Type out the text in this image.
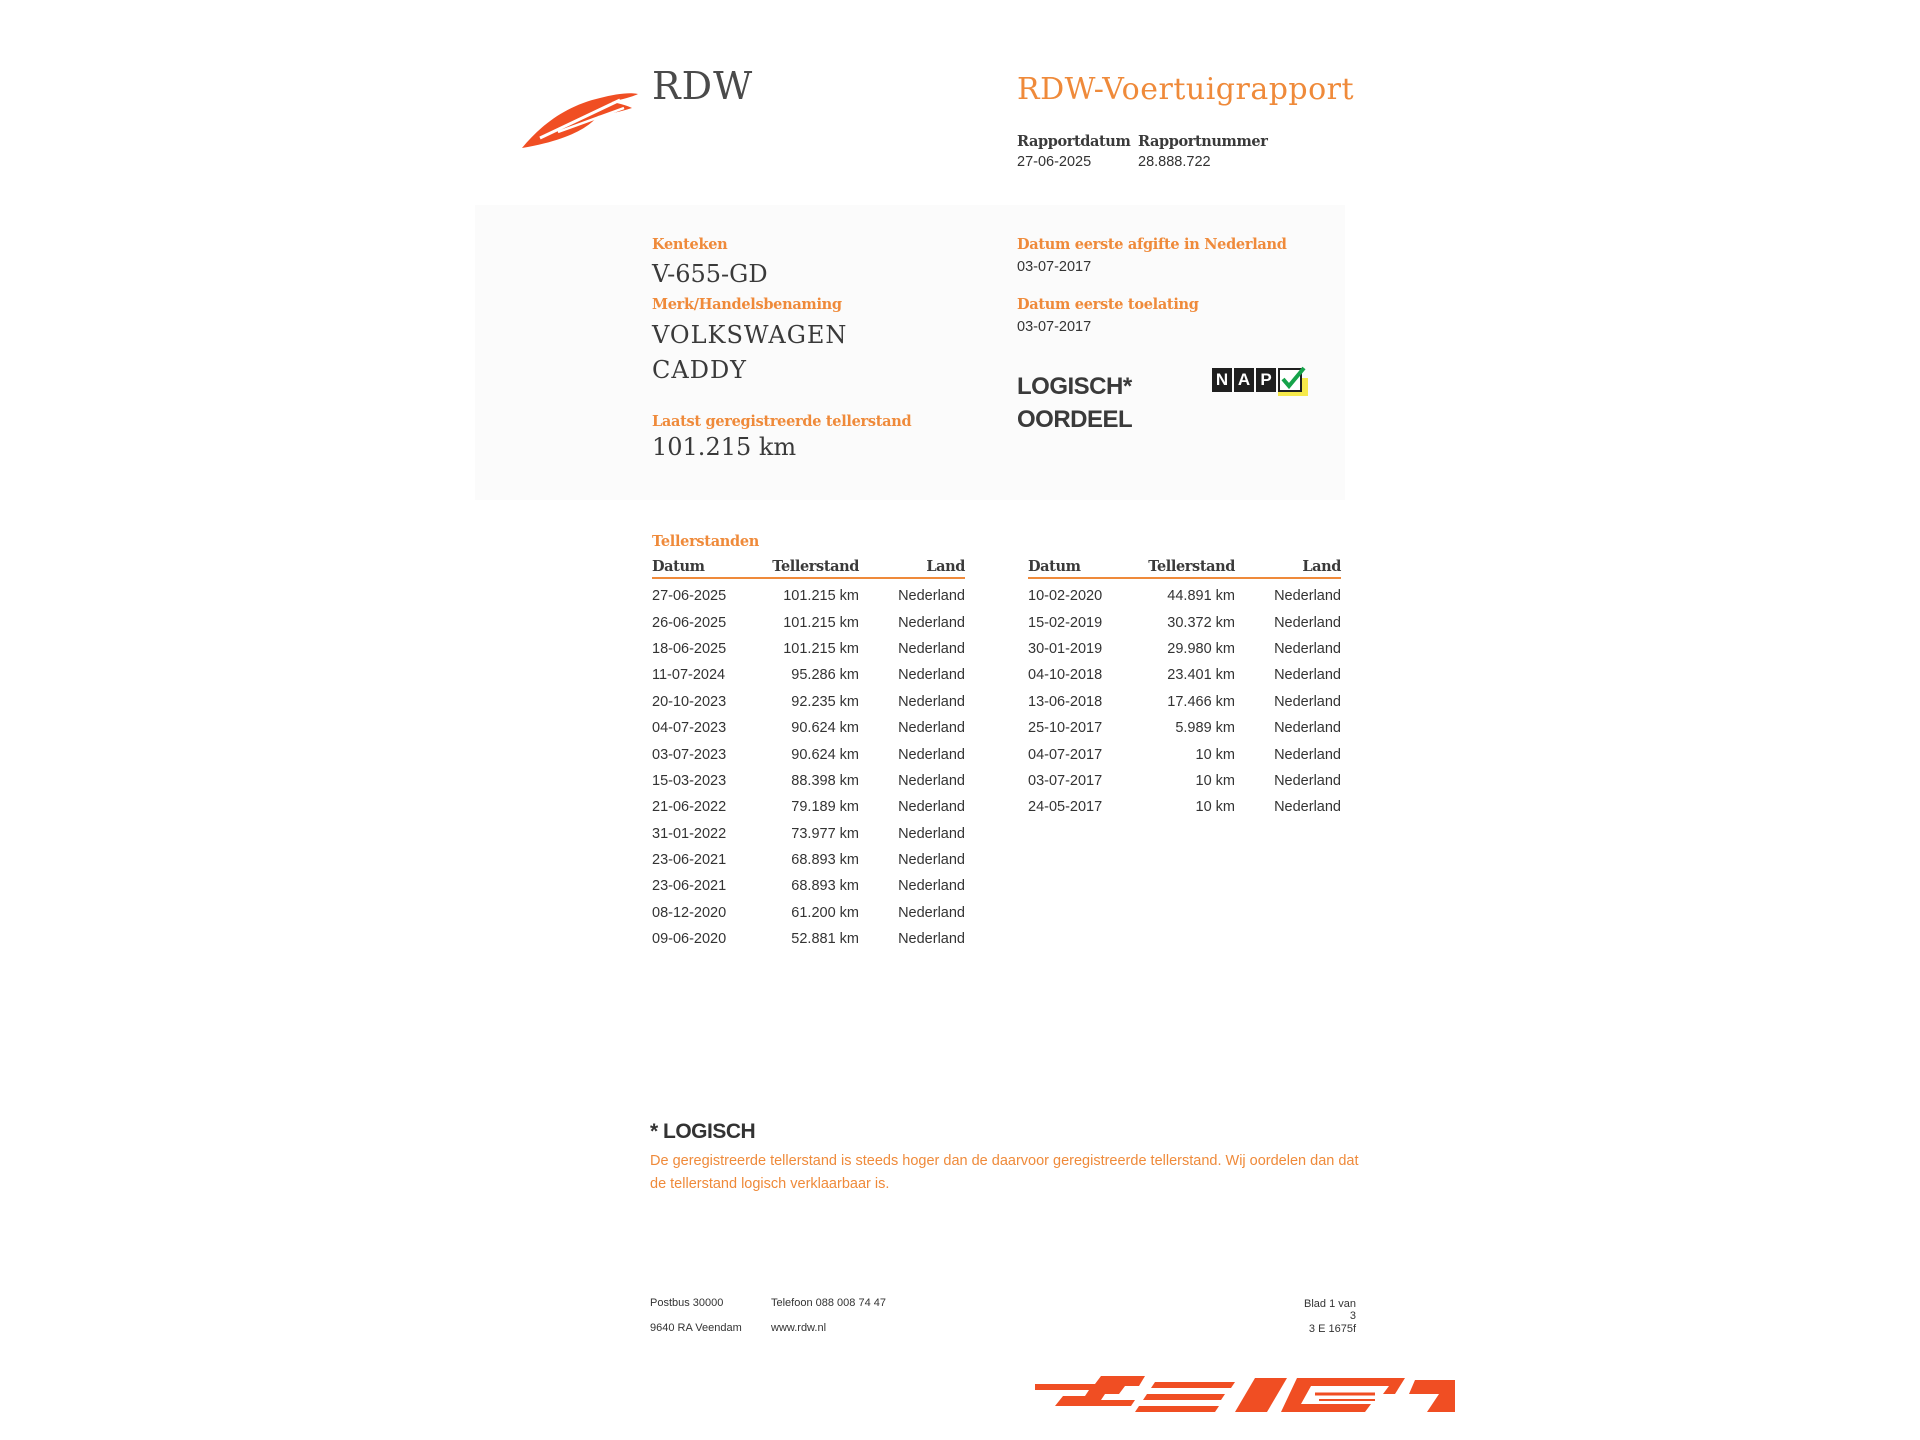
RDW	RDW-Voertuigrapport
Rapportdatum Rapportnummer
27-06-2025	28.888.722
Kenteken
V-655-GD
Merk/Handelsbenaming
VOLKSWAGEN
CADDY
Laatst geregistreerde tellerstand
101.215 km
Datum eerste afgifte in Nederland
03-07-2017
Datum eerste toelating
03-07-2017
LOGISCH*
OORDEEL
N A P
Tellerstanden
Datum	Tellerstand	Land
27-06-2025	101.215 km	Nederland
26-06-2025	101.215 km	Nederland
18-06-2025	101.215 km	Nederland
11-07-2024	95.286 km	Nederland
20-10-2023	92.235 km	Nederland
04-07-2023	90.624 km	Nederland
03-07-2023	90.624 km	Nederland
15-03-2023	88.398 km	Nederland
21-06-2022	79.189 km	Nederland
31-01-2022	73.977 km	Nederland
23-06-2021	68.893 km	Nederland
23-06-2021	68.893 km	Nederland
08-12-2020	61.200 km	Nederland
09-06-2020	52.881 km	Nederland
Datum	Tellerstand	Land
10-02-2020	44.891 km	Nederland
15-02-2019	30.372 km	Nederland
30-01-2019	29.980 km	Nederland
04-10-2018	23.401 km	Nederland
13-06-2018	17.466 km	Nederland
25-10-2017	5.989 km	Nederland
04-07-2017	10 km	Nederland
03-07-2017	10 km	Nederland
24-05-2017	10 km	Nederland
* LOGISCH
De geregistreerde tellerstand is steeds hoger dan de daarvoor geregistreerde tellerstand. Wij oordelen dan dat de tellerstand logisch verklaarbaar is.
Postbus 30000
9640 RA Veendam
Telefoon 088 008 74 47
www.rdw.nl
Blad 1 van 3
3 E 1675f
